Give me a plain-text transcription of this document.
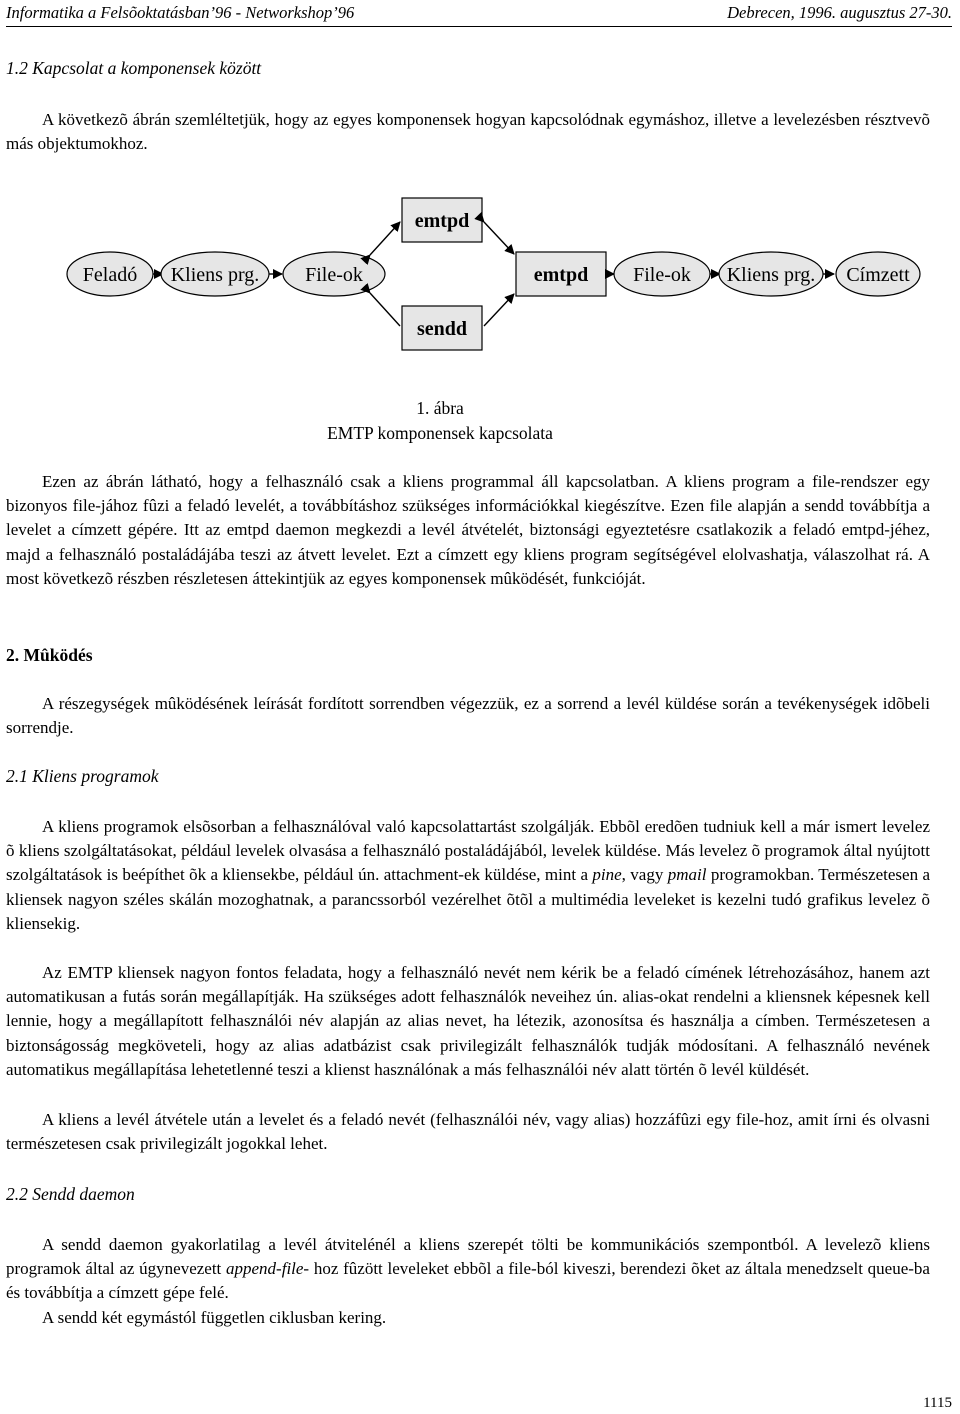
Informatika a Felsõoktatásban’96 - Networkshop’96	Debrecen, 1996. augusztus 27-30.
1.2 Kapcsolat a komponensek között
A következõ ábrán szemléltetjük, hogy az egyes komponensek hogyan kapcsolódnak egymáshoz, illetve a levelezésben résztvevõ más objektumokhoz.
Feladó Kliens prg. File-ok
emtpd
sendd
emtpd File-ok Kliens prg. Címzett
1. ábra
EMTP komponensek kapcsolata
Ezen az ábrán látható, hogy a felhasználó csak a kliens programmal áll kapcsolatban. A kliens program a file-rendszer egy bizonyos file-jához fûzi a feladó levelét, a továbbításhoz szükséges információkkal kiegészítve. Ezen file alapján a sendd továbbítja a levelet a címzett gépére. Itt az emtpd daemon megkezdi a levél átvételét, biztonsági egyeztetésre csatlakozik a feladó emtpd-jéhez, majd a felhasználó postaládájába teszi az átvett levelet. Ezt a címzett egy kliens program segítségével elolvashatja, válaszolhat rá. A most következõ részben részletesen áttekintjük az egyes komponensek mûködését, funkcióját.
2. Mûködés
A részegységek mûködésének leírását fordított sorrendben végezzük, ez a sorrend a levél küldése során a tevékenységek idõbeli sorrendje.
2.1 Kliens programok
A kliens programok elsõsorban a felhasználóval való kapcsolattartást szolgálják. Ebbõl eredõen tudniuk kell a már ismert levelez õ kliens szolgáltatásokat, például levelek olvasása a felhasználó postaládájából, levelek küldése. Más levelez õ programok által nyújtott szolgáltatások is beépíthet õk a kliensekbe, például ún. attachment-ek küldése, mint a pine, vagy pmail programokban. Természetesen a kliensek nagyon széles skálán mozoghatnak, a parancssorból vezérelhet õtõl a multimédia leveleket is kezelni tudó grafikus levelez õ kliensekig.
Az EMTP kliensek nagyon fontos feladata, hogy a felhasználó nevét nem kérik be a feladó címének létrehozásához, hanem azt automatikusan a futás során megállapítják. Ha szükséges adott felhasználók neveihez ún. alias-okat rendelni a kliensnek képesnek kell lennie, hogy a megállapított felhasználói név alapján az alias nevet, ha létezik, azonosítsa és használja a címben. Természetesen a biztonságosság megköveteli, hogy az alias adatbázist csak privilegizált felhasználók tudják módosítani. A felhasználó nevének automatikus megállapítása lehetetlenné teszi a klienst használónak a más felhasználói név alatt történ õ levél küldését.
A kliens a levél átvétele után a levelet és a feladó nevét (felhasználói név, vagy alias) hozzáfûzi egy file-hoz, amit írni és olvasni természetesen csak privilegizált jogokkal lehet.
2.2 Sendd daemon
A sendd daemon gyakorlatilag a levél átvitelénél a kliens szerepét tölti be kommunikációs szempontból. A levelezõ kliens programok által az úgynevezett append-file- hoz fûzött leveleket ebbõl a file-ból kiveszi, berendezi õket az általa menedzselt queue-ba és továbbítja a címzett gépe felé.
A sendd két egymástól független ciklusban kering.
1115
